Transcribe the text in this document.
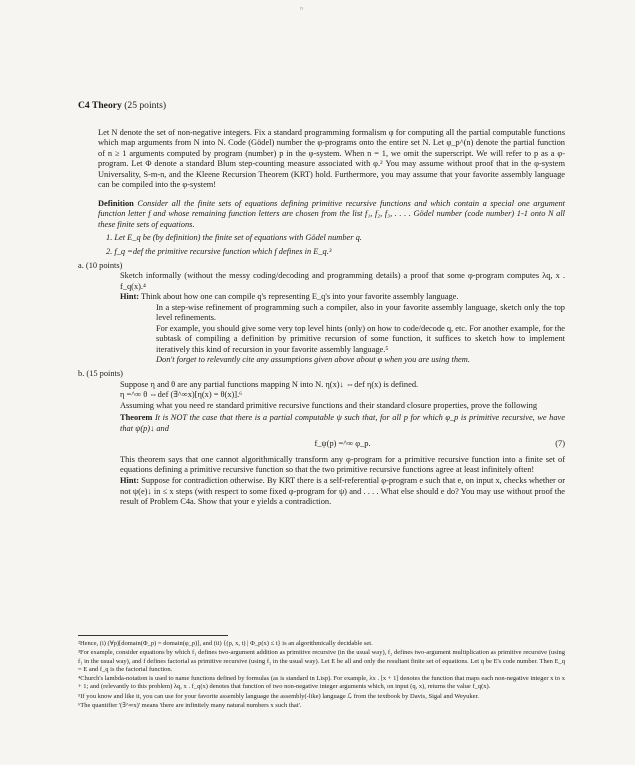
ⁿ
C4 Theory (25 points)
Let N denote the set of non-negative integers. Fix a standard programming formalism φ for computing all the partial computable functions which map arguments from N into N. Code (Gödel) number the φ-programs onto the entire set N. Let φ_p^(n) denote the partial function of n ≥ 1 arguments computed by program (number) p in the φ-system. When n = 1, we omit the superscript. We will refer to p as a φ-program. Let Φ denote a standard Blum step-counting measure associated with φ.² You may assume without proof that in the φ-system Universality, S-m-n, and the Kleene Recursion Theorem (KRT) hold. Furthermore, you may assume that your favorite assembly language can be compiled into the φ-system!
Definition Consider all the finite sets of equations defining primitive recursive functions and which contain a special one argument function letter f and whose remaining function letters are chosen from the list f₁, f₂, f₃, . . . . Gödel number (code number) 1-1 onto N all these finite sets of equations.
1. Let E_q be (by definition) the finite set of equations with Gödel number q.
2. f_q =def the primitive recursive function which f defines in E_q.³
a. (10 points)
Sketch informally (without the messy coding/decoding and programming details) a proof that some φ-program computes λq, x . f_q(x).⁴
Hint: Think about how one can compile q's representing E_q's into your favorite assembly language.
In a step-wise refinement of programming such a compiler, also in your favorite assembly language, sketch only the top level refinements.
For example, you should give some very top level hints (only) on how to code/decode q, etc. For another example, for the subtask of compiling a definition by primitive recursion of some function, it suffices to sketch how to implement iteratively this kind of recursion in your favorite assembly language.⁵
Don't forget to relevantly cite any assumptions given above about φ when you are using them.
b. (15 points)
Suppose η and θ are any partial functions mapping N into N. η(x)↓ ⇔def η(x) is defined.
η =^∞ θ ⇔def (∃^∞x)[η(x) = θ(x)].⁶
Assuming what you need re standard primitive recursive functions and their standard closure properties, prove the following
Theorem It is NOT the case that there is a partial computable ψ such that, for all p for which φ_p is primitive recursive, we have that ψ(p)↓ and
f_ψ(p) =^∞ φ_p.	(7)
This theorem says that one cannot algorithmically transform any φ-program for a primitive recursive function into a finite set of equations defining a primitive recursive function so that the two primitive recursive functions agree at least infinitely often!
Hint: Suppose for contradiction otherwise. By KRT there is a self-referential φ-program e such that e, on input x, checks whether or not ψ(e)↓ in ≤ x steps (with respect to some fixed φ-program for ψ) and . . . . What else should e do? You may use without proof the result of Problem C4a. Show that your e yields a contradiction.
²Hence, (i) (∀p)[domain(Φ_p) = domain(φ_p)], and (ii) {(p, x, t) | Φ_p(x) ≤ t} is an algorithmically decidable set.
³For example, consider equations by which f₁ defines two-argument addition as primitive recursive (in the usual way), f₂ defines two-argument multiplication as primitive recursive (using f₁ in the usual way), and f defines factorial as primitive recursive (using f₂ in the usual way). Let E be all and only the resultant finite set of equations. Let q be E's code number. Then E_q = E and f_q is the factorial function.
⁴Church's lambda-notation is used to name functions defined by formulas (as is standard in Lisp). For example, λx . [x + 1] denotes the function that maps each non-negative integer x to x + 1; and (relevantly to this problem) λq, x . f_q(x) denotes that function of two non-negative integer arguments which, on input (q, x), returns the value f_q(x).
⁵If you know and like it, you can use for your favorite assembly language the assembly(-like) language ℒ from the textbook by Davis, Sigal and Weyuker.
⁶The quantifier '(∃^∞x)' means 'there are infinitely many natural numbers x such that'.
